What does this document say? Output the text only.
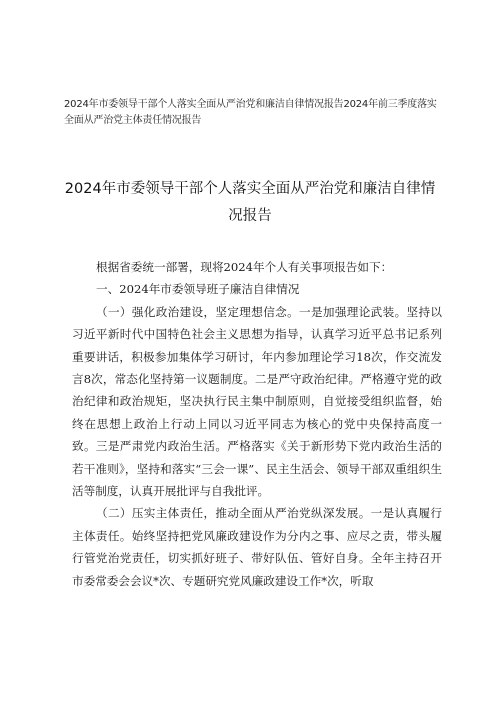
2024年市委领导干部个人落实全面从严治党和廉洁自律情况报告2024年前三季度落实全面从严治党主体责任情况报告
2024年市委领导干部个人落实全面从严治党和廉洁自律情况报告

根据省委统一部署，现将2024年个人有关事项报告如下：

一、2024年市委领导班子廉洁自律情况

（一）强化政治建设，坚定理想信念。一是加强理论武装。坚持以习近平新时代中国特色社会主义思想为指导，认真学习近平总书记系列重要讲话，积极参加集体学习研讨，年内参加理论学习18次，作交流发言8次，常态化坚持第一议题制度。二是严守政治纪律。严格遵守党的政治纪律和政治规矩，坚决执行民主集中制原则，自觉接受组织监督，始终在思想上政治上行动上同以习近平同志为核心的党中央保持高度一致。三是严肃党内政治生活。严格落实《关于新形势下党内政治生活的若干准则》，坚持和落实“三会一课”、民主生活会、领导干部双重组织生活等制度，认真开展批评与自我批评。

（二）压实主体责任，推动全面从严治党纵深发展。一是认真履行主体责任。始终坚持把党风廉政建设作为分内之事、应尽之责，带头履行管党治党责任，切实抓好班子、带好队伍、管好自身。全年主持召开市委常委会会议*次、专题研究党风廉政建设工作*次，听取
